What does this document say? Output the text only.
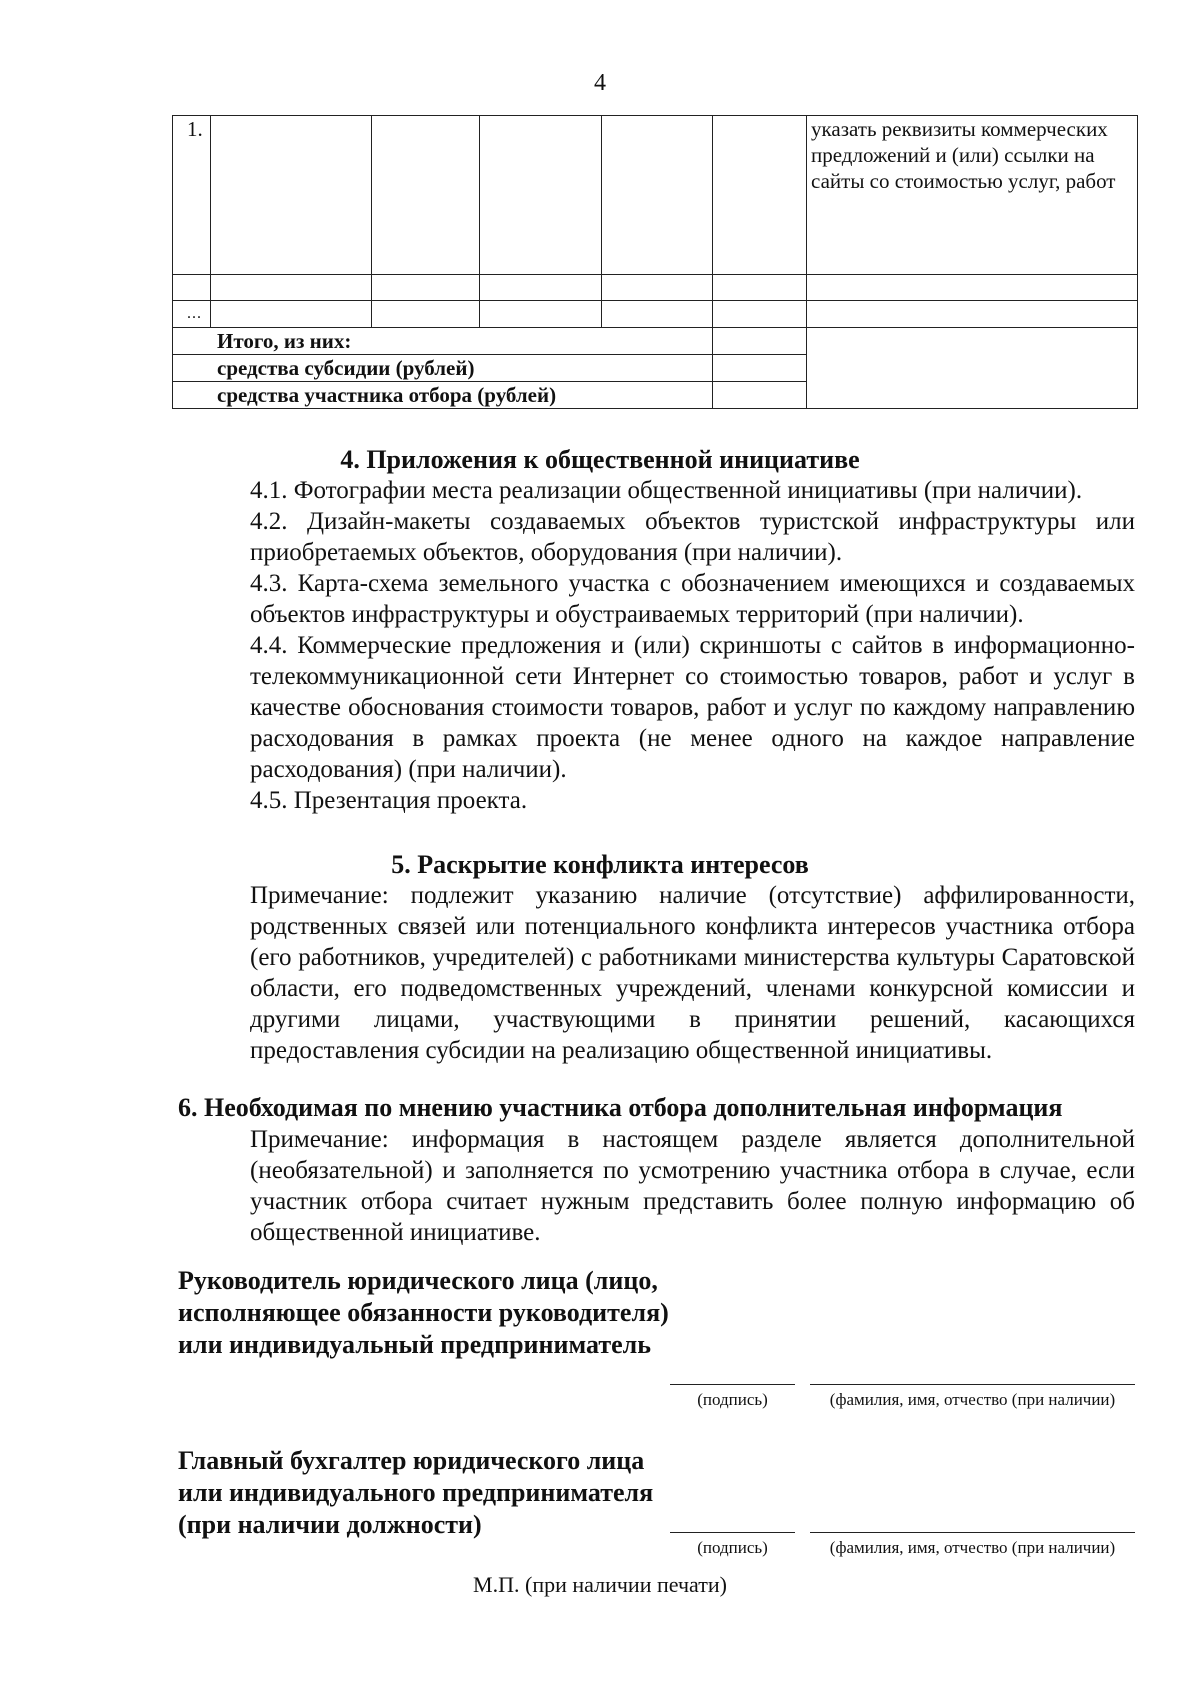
4
1.						указать реквизиты коммерческих предложений и (или) ссылки на сайты со стоимостью услуг, работ

...						
Итого, из них:						
средства субсидии (рублей)						
средства участника отбора (рублей)						
4. Приложения к общественной инициативе
4.1. Фотографии места реализации общественной инициативы (при наличии).
4.2. Дизайн-макеты создаваемых объектов туристской инфраструктуры или приобретаемых объектов, оборудования (при наличии).
4.3. Карта-схема земельного участка с обозначением имеющихся и создаваемых объектов инфраструктуры и обустраиваемых территорий (при наличии).
4.4. Коммерческие предложения и (или) скриншоты с сайтов в информационно-телекоммуникационной сети Интернет со стоимостью товаров, работ и услуг в качестве обоснования стоимости товаров, работ и услуг по каждому направлению расходования в рамках проекта (не менее одного на каждое направление расходования) (при наличии).
4.5. Презентация проекта.
5. Раскрытие конфликта интересов
Примечание: подлежит указанию наличие (отсутствие) аффилированности, родственных связей или потенциального конфликта интересов участника отбора (его работников, учредителей) с работниками министерства культуры Саратовской области, его подведомственных учреждений, членами конкурсной комиссии и другими лицами, участвующими в принятии решений, касающихся предоставления субсидии на реализацию общественной инициативы.
6. Необходимая по мнению участника отбора дополнительная информация
Примечание: информация в настоящем разделе является дополнительной (необязательной) и заполняется по усмотрению участника отбора в случае, если участник отбора считает нужным представить более полную информацию об общественной инициативе.
Руководитель юридического лица (лицо, исполняющее обязанности руководителя) или индивидуальный предприниматель
(подпись)	(фамилия, имя, отчество (при наличии)
Главный бухгалтер юридического лица или индивидуального предпринимателя (при наличии должности)
(подпись)	(фамилия, имя, отчество (при наличии)
М.П. (при наличии печати)
